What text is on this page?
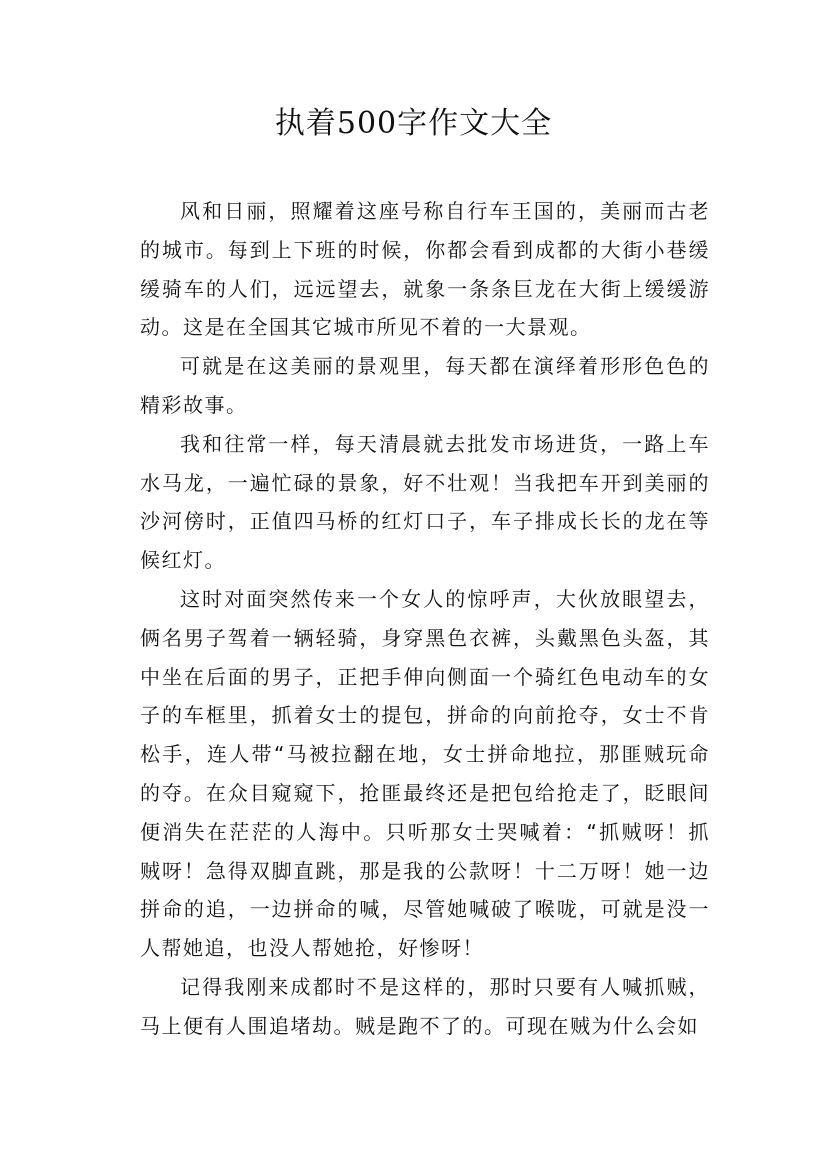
执着500字作文大全

风和日丽，照耀着这座号称自行车王国的，美丽而古老的城市。每到上下班的时候，你都会看到成都的大街小巷缓缓骑车的人们，远远望去，就象一条条巨龙在大街上缓缓游动。这是在全国其它城市所见不着的一大景观。

可就是在这美丽的景观里，每天都在演绎着形形色色的精彩故事。

我和往常一样，每天清晨就去批发市场进货，一路上车水马龙，一遍忙碌的景象，好不壮观！当我把车开到美丽的沙河傍时，正值四马桥的红灯口子，车子排成长长的龙在等候红灯。

这时对面突然传来一个女人的惊呼声，大伙放眼望去，俩名男子驾着一辆轻骑，身穿黑色衣裤，头戴黑色头盔，其中坐在后面的男子，正把手伸向侧面一个骑红色电动车的女子的车框里，抓着女士的提包，拼命的向前抢夺，女士不肯松手，连人带“马被拉翻在地，女士拼命地拉，那匪贼玩命的夺。在众目窥窥下，抢匪最终还是把包给抢走了，眨眼间便消失在茫茫的人海中。只听那女士哭喊着：“抓贼呀！抓贼呀！急得双脚直跳，那是我的公款呀！十二万呀！她一边拼命的追，一边拼命的喊，尽管她喊破了喉咙，可就是没一人帮她追，也没人帮她抢，好惨呀！

记得我刚来成都时不是这样的，那时只要有人喊抓贼，马上便有人围追堵劫。贼是跑不了的。可现在贼为什么会如
